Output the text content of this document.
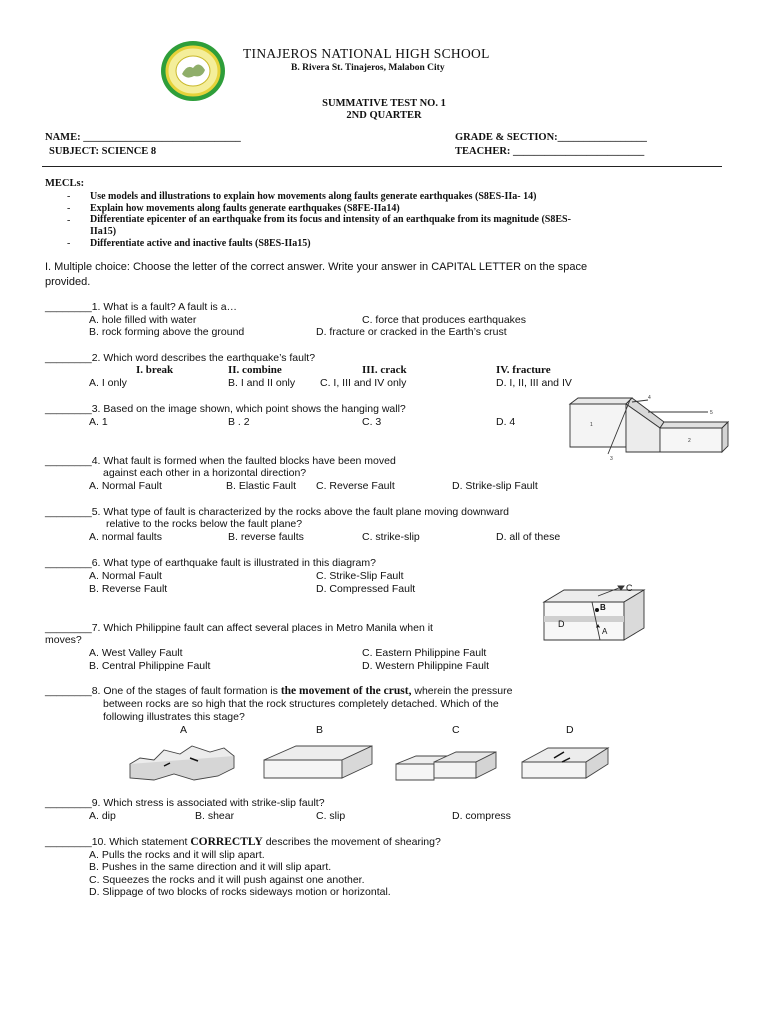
TINAJEROS NATIONAL HIGH SCHOOL
B. Rivera St. Tinajeros, Malabon City
SUMMATIVE TEST NO. 1
2ND QUARTER
NAME: ______________________________
SUBJECT: SCIENCE 8
GRADE & SECTION:_________________
TEACHER: _________________________
MECLs:
- Use models and illustrations to explain how movements along faults generate earthquakes (S8ES-IIa- 14)
- Explain how movements along faults generate earthquakes (S8FE-IIa14)
- Differentiate epicenter of an earthquake from its focus and intensity of an earthquake from its magnitude (S8ES-
IIa15)
- Differentiate active and inactive faults (S8ES-IIa15)
I. Multiple choice: Choose the letter of the correct answer. Write your answer in CAPITAL LETTER on the space
provided.
________1. What is a fault? A fault is a…
A. hole filled with water	C. force that produces earthquakes
B. rock forming above the ground	D. fracture or cracked in the Earth’s crust
________2. Which word describes the earthquake’s fault?
I. break	II. combine	III. crack	IV. fracture
A. I only	B. I and II only C. I, III and IV only	D. I, II, III and IV
________3. Based on the image shown, which point shows the hanging wall?
A. 1	B . 2	C. 3	D. 4	1
2
3
4
5
________4. What fault is formed when the faulted blocks have been moved
against each other in a horizontal direction?
A. Normal Fault	B. Elastic Fault C. Reverse Fault	D. Strike-slip Fault
________5. What type of fault is characterized by the rocks above the fault plane moving downward
relative to the rocks below the fault plane?
A. normal faults	B. reverse faults	C. strike-slip	D. all of these
________6. What type of earthquake fault is illustrated in this diagram?
A. Normal Fault	C. Strike-Slip Fault
B. Reverse Fault	D. Compressed Fault	C
B
D
A
________7. Which Philippine fault can affect several places in Metro Manila when it
moves?
A. West Valley Fault	C. Eastern Philippine Fault
B. Central Philippine Fault	D. Western Philippine Fault
________8. One of the stages of fault formation is the movement of the crust, wherein the pressure
between rocks are so high that the rock structures completely detached. Which of the
following illustrates this stage?
A	B	C	D
________9. Which stress is associated with strike-slip fault?
A. dip	B. shear	C. slip	D. compress
________10. Which statement CORRECTLY describes the movement of shearing?
A. Pulls the rocks and it will slip apart.
B. Pushes in the same direction and it will slip apart.
C. Squeezes the rocks and it will push against one another.
D. Slippage of two blocks of rocks sideways motion or horizontal.
